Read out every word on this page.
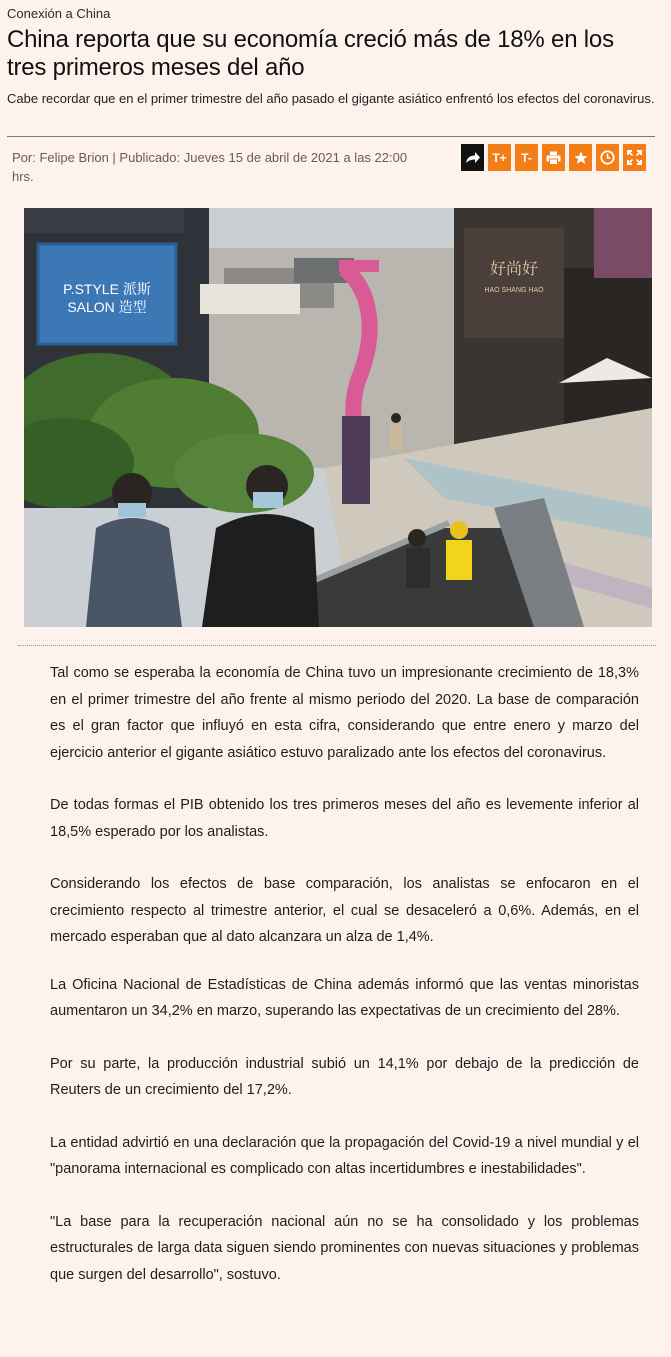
Conexión a China
China reporta que su economía creció más de 18% en los tres primeros meses del año
Cabe recordar que en el primer trimestre del año pasado el gigante asiático enfrentó los efectos del coronavirus.
Por: Felipe Brion | Publicado: Jueves 15 de abril de 2021 a las 22:00 hrs.
T+	T-
P.STYLE 派斯
SALON 造型
好尚好
HAO SHANG HAO

Tal como se esperaba la economía de China tuvo un impresionante crecimiento de 18,3% en el primer trimestre del año frente al mismo periodo del 2020. La base de comparación es el gran factor que influyó en esta cifra, considerando que entre enero y marzo del ejercicio anterior el gigante asiático estuvo paralizado ante los efectos del coronavirus.

De todas formas el PIB obtenido los tres primeros meses del año es levemente inferior al 18,5% esperado por los analistas.

Considerando los efectos de base comparación, los analistas se enfocaron en el crecimiento respecto al trimestre anterior, el cual se desaceleró a 0,6%. Además, en el mercado esperaban que al dato alcanzara un alza de 1,4%.

La Oficina Nacional de Estadísticas de China además informó que las ventas minoristas aumentaron un 34,2% en marzo, superando las expectativas de un crecimiento del 28%.

Por su parte, la producción industrial subió un 14,1% por debajo de la predicción de Reuters de un crecimiento del 17,2%.

La entidad advirtió en una declaración que la propagación del Covid-19 a nivel mundial y el "panorama internacional es complicado con altas incertidumbres e inestabilidades".

"La base para la recuperación nacional aún no se ha consolidado y los problemas estructurales de larga data siguen siendo prominentes con nuevas situaciones y problemas que surgen del desarrollo", sostuvo.
